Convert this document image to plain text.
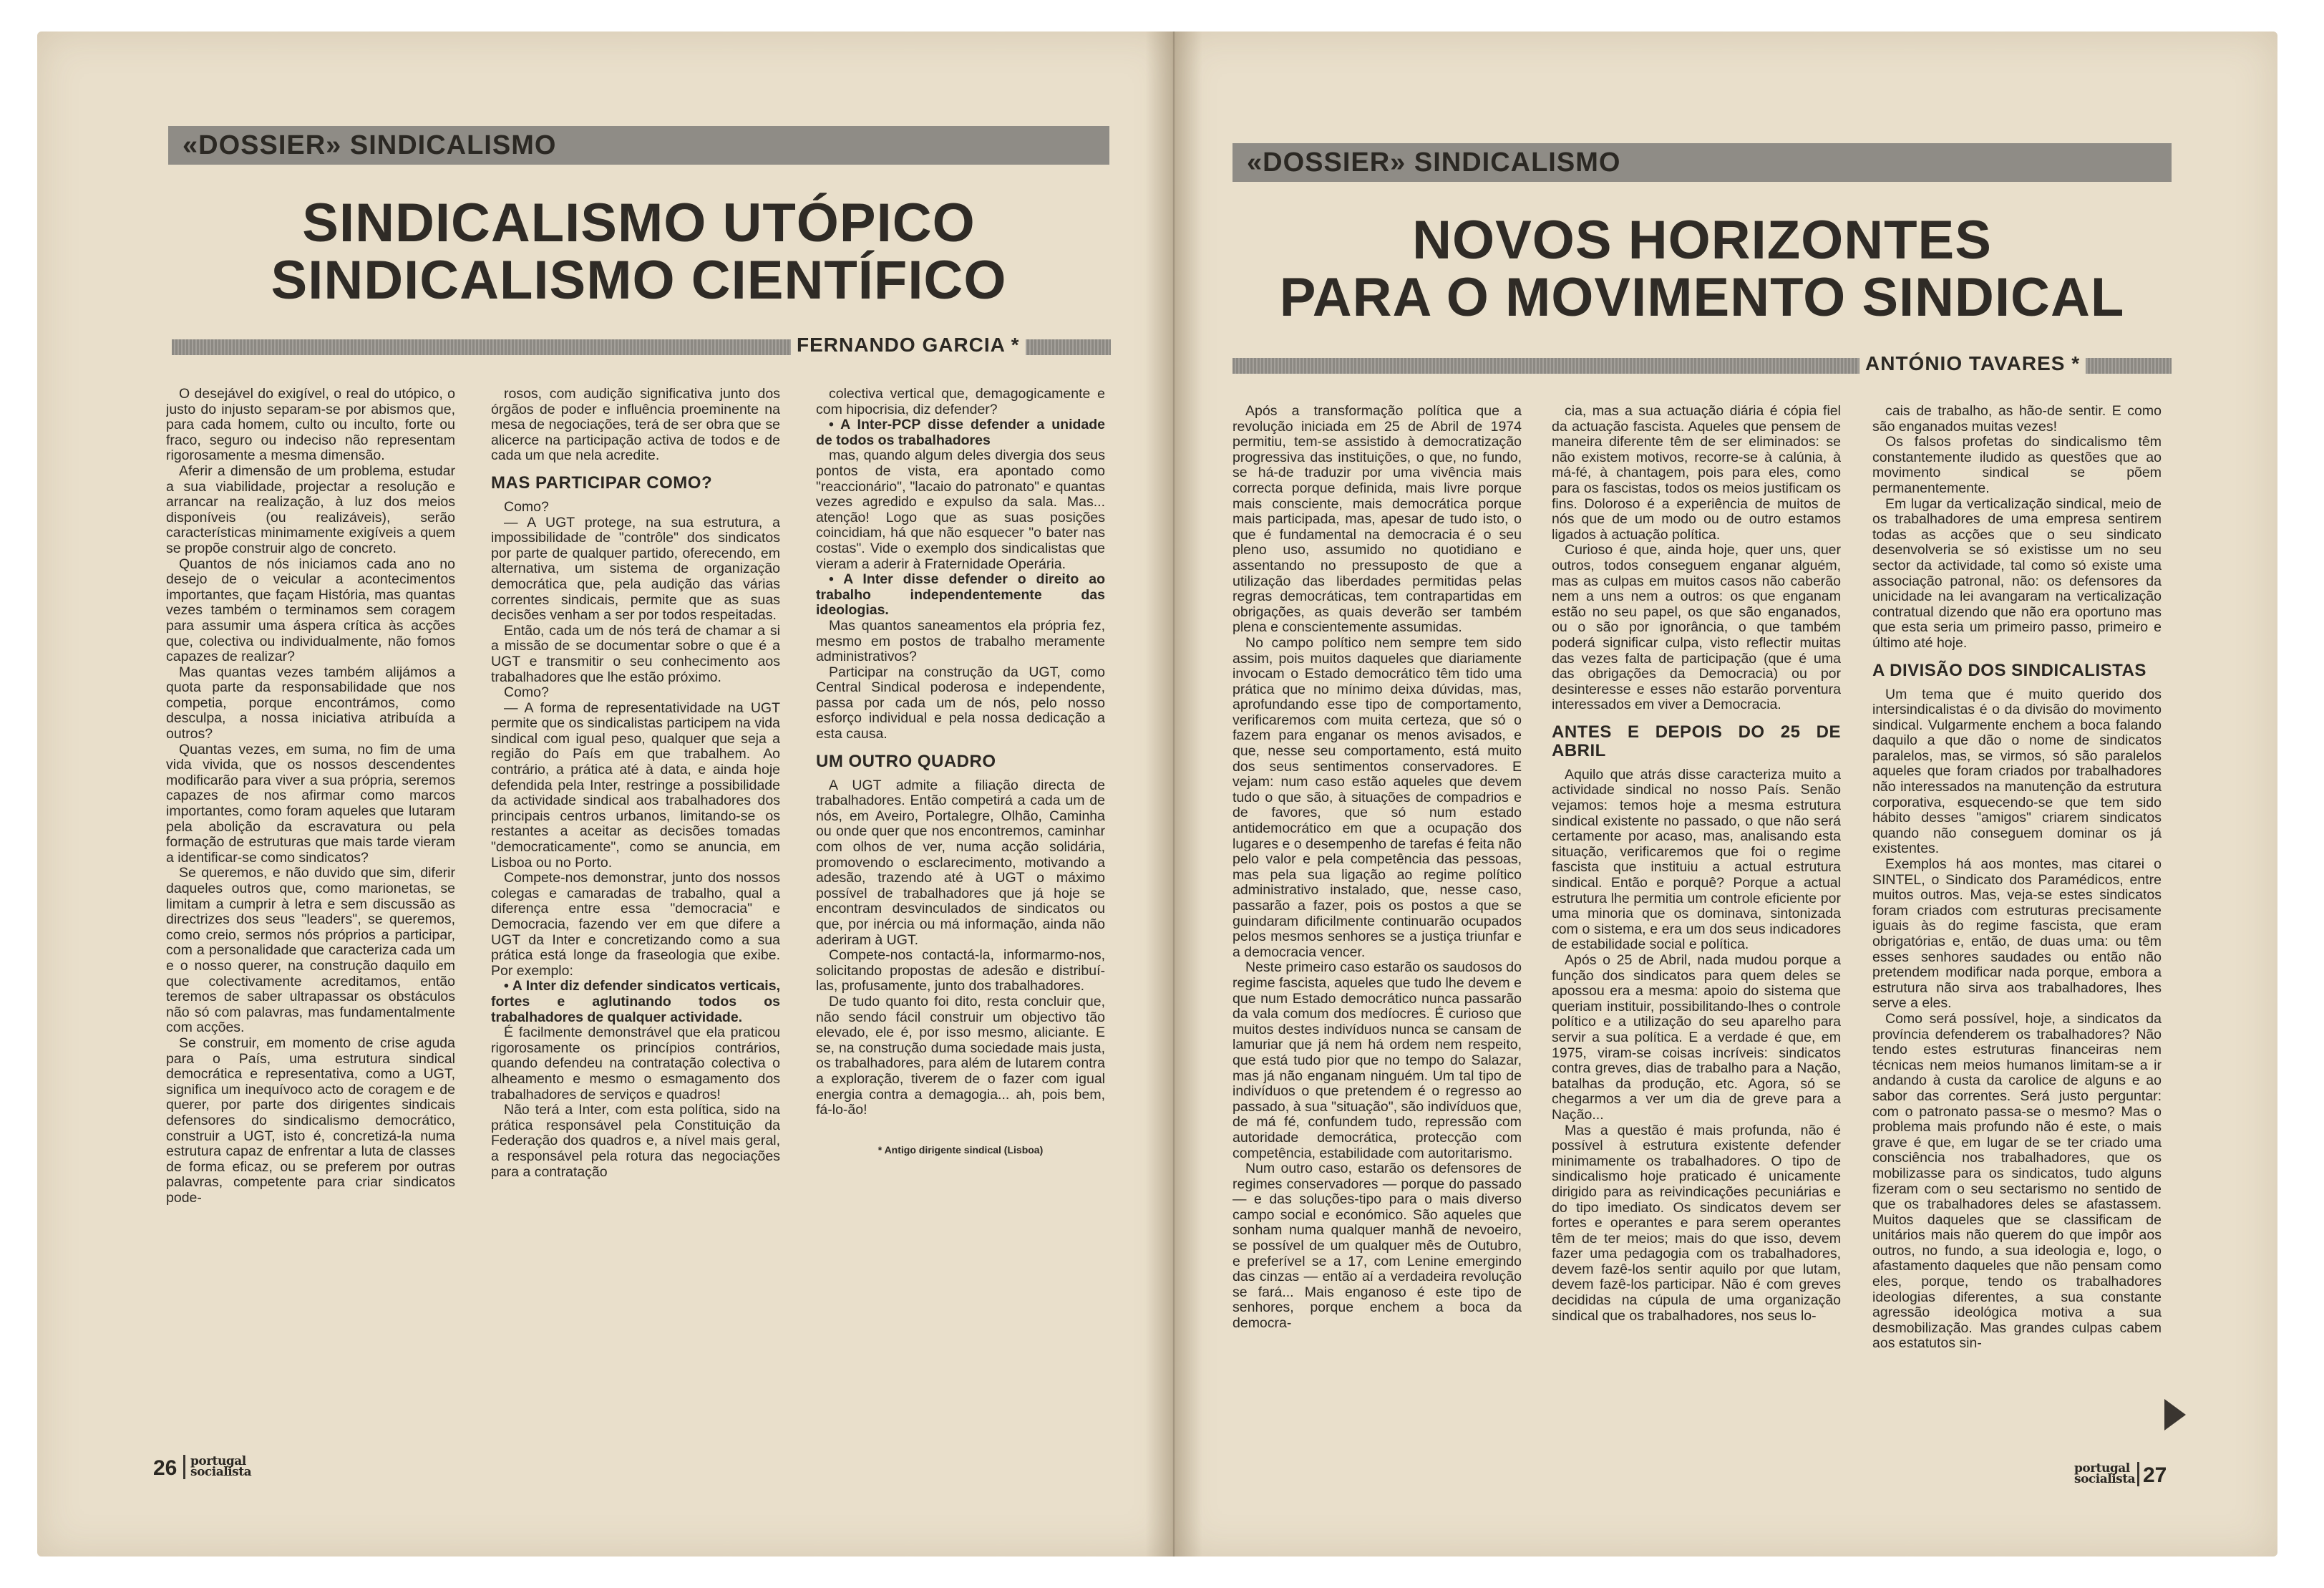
«DOSSIER» SINDICALISMO
SINDICALISMO UTÓPICO
SINDICALISMO CIENTÍFICO
FERNANDO GARCIA *

O desejável do exigível, o real do utópico, o justo do injusto separam-se por abismos que, para cada homem, culto ou inculto, forte ou fraco, seguro ou indeciso não representam rigorosamente a mesma dimensão.

Aferir a dimensão de um problema, estudar a sua viabilidade, projectar a resolução e arrancar na realização, à luz dos meios disponíveis (ou realizáveis), serão características minimamente exigíveis a quem se propõe construir algo de concreto.

Quantos de nós iniciamos cada ano no desejo de o veicular a acontecimentos importantes, que façam História, mas quantas vezes também o terminamos sem coragem para assumir uma áspera crítica às acções que, colectiva ou individualmente, não fomos capazes de realizar?

Mas quantas vezes também alijámos a quota parte da responsabilidade que nos competia, porque encontrámos, como desculpa, a nossa iniciativa atribuída a outros?

Quantas vezes, em suma, no fim de uma vida vivida, que os nossos descendentes modificarão para viver a sua própria, seremos capazes de nos afirmar como marcos importantes, como foram aqueles que lutaram pela abolição da escravatura ou pela formação de estruturas que mais tarde vieram a identificar-se como sindicatos?

Se queremos, e não duvido que sim, diferir daqueles outros que, como marionetas, se limitam a cumprir à letra e sem discussão as directrizes dos seus "leaders", se queremos, como creio, sermos nós próprios a participar, com a personalidade que caracteriza cada um e o nosso querer, na construção daquilo em que colectivamente acreditamos, então teremos de saber ultrapassar os obstáculos não só com palavras, mas fundamentalmente com acções.

Se construir, em momento de crise aguda para o País, uma estrutura sindical democrática e representativa, como a UGT, significa um inequívoco acto de coragem e de querer, por parte dos dirigentes sindicais defensores do sindicalismo democrático, construir a UGT, isto é, concretizá-la numa estrutura capaz de enfrentar a luta de classes de forma eficaz, ou se preferem por outras palavras, competente para criar sindicatos pode-

rosos, com audição significativa junto dos órgãos de poder e influência proeminente na mesa de negociações, terá de ser obra que se alicerce na participação activa de todos e de cada um que nela acredite.

MAS PARTICIPAR COMO?

Como?

— A UGT protege, na sua estrutura, a impossibilidade de "contrôle" dos sindicatos por parte de qualquer partido, oferecendo, em alternativa, um sistema de organização democrática que, pela audição das várias correntes sindicais, permite que as suas decisões venham a ser por todos respeitadas.

Então, cada um de nós terá de chamar a si a missão de se documentar sobre o que é a UGT e transmitir o seu conhecimento aos trabalhadores que lhe estão próximo.

Como?

— A forma de representatividade na UGT permite que os sindicalistas participem na vida sindical com igual peso, qualquer que seja a região do País em que trabalhem. Ao contrário, a prática até à data, e ainda hoje defendida pela Inter, restringe a possibilidade da actividade sindical aos trabalhadores dos principais centros urbanos, limitando-se os restantes a aceitar as decisões tomadas "democraticamente", como se anuncia, em Lisboa ou no Porto.

Compete-nos demonstrar, junto dos nossos colegas e camaradas de trabalho, qual a diferença entre essa "democracia" e Democracia, fazendo ver em que difere a UGT da Inter e concretizando como a sua prática está longe da fraseologia que exibe. Por exemplo:

• A Inter diz defender sindicatos verticais, fortes e aglutinando todos os trabalhadores de qualquer actividade.

É facilmente demonstrável que ela praticou rigorosamente os princípios contrários, quando defendeu na contratação colectiva o alheamento e mesmo o esmagamento dos trabalhadores de serviços e quadros!

Não terá a Inter, com esta política, sido na prática responsável pela Constituição da Federação dos quadros e, a nível mais geral, a responsável pela rotura das negociações para a contratação

colectiva vertical que, demagogicamente e com hipocrisia, diz defender?

• A Inter-PCP disse defender a unidade de todos os trabalhadores

mas, quando algum deles divergia dos seus pontos de vista, era apontado como "reaccionário", "lacaio do patronato" e quantas vezes agredido e expulso da sala. Mas... atenção! Logo que as suas posições coincidiam, há que não esquecer "o bater nas costas". Vide o exemplo dos sindicalistas que vieram a aderir à Fraternidade Operária.

• A Inter disse defender o direito ao trabalho independentemente das ideologias.

Mas quantos saneamentos ela própria fez, mesmo em postos de trabalho meramente administrativos?

Participar na construção da UGT, como Central Sindical poderosa e independente, passa por cada um de nós, pelo nosso esforço individual e pela nossa dedicação a esta causa.

UM OUTRO QUADRO

A UGT admite a filiação directa de trabalhadores. Então competirá a cada um de nós, em Aveiro, Portalegre, Olhão, Caminha ou onde quer que nos encontremos, caminhar com olhos de ver, numa acção solidária, promovendo o esclarecimento, motivando a adesão, trazendo até à UGT o máximo possível de trabalhadores que já hoje se encontram desvinculados de sindicatos ou que, por inércia ou má informação, ainda não aderiram à UGT.

Compete-nos contactá-la, informarmo-nos, solicitando propostas de adesão e distribuí-las, profusamente, junto dos trabalhadores.

De tudo quanto foi dito, resta concluir que, não sendo fácil construir um objectivo tão elevado, ele é, por isso mesmo, aliciante. E se, na construção duma sociedade mais justa, os trabalhadores, para além de lutarem contra a exploração, tiverem de o fazer com igual energia contra a demagogia... ah, pois bem, fá-lo-ão!

* Antigo dirigente sindical (Lisboa)

26 portugal
socialista
«DOSSIER» SINDICALISMO
NOVOS HORIZONTES
PARA O MOVIMENTO SINDICAL
ANTÓNIO TAVARES *

Após a transformação política que a revolução iniciada em 25 de Abril de 1974 permitiu, tem-se assistido à democratização progressiva das instituições, o que, no fundo, se há-de traduzir por uma vivência mais correcta porque definida, mais livre porque mais consciente, mais democrática porque mais participada, mas, apesar de tudo isto, o que é fundamental na democracia é o seu pleno uso, assumido no quotidiano e assentando no pressuposto de que a utilização das liberdades permitidas pelas regras democráticas, tem contrapartidas em obrigações, as quais deverão ser também plena e conscientemente assumidas.

No campo político nem sempre tem sido assim, pois muitos daqueles que diariamente invocam o Estado democrático têm tido uma prática que no mínimo deixa dúvidas, mas, aprofundando esse tipo de comportamento, verificaremos com muita certeza, que só o fazem para enganar os menos avisados, e que, nesse seu comportamento, está muito dos seus sentimentos conservadores. E vejam: num caso estão aqueles que devem tudo o que são, à situações de compadrios e de favores, que só num estado antidemocrático em que a ocupação dos lugares e o desempenho de tarefas é feita não pelo valor e pela competência das pessoas, mas pela sua ligação ao regime político administrativo instalado, que, nesse caso, passarão a fazer, pois os postos a que se guindaram dificilmente continuarão ocupados pelos mesmos senhores se a justiça triunfar e a democracia vencer.

Neste primeiro caso estarão os saudosos do regime fascista, aqueles que tudo lhe devem e que num Estado democrático nunca passarão da vala comum dos medíocres. É curioso que muitos destes indivíduos nunca se cansam de lamuriar que já nem há ordem nem respeito, que está tudo pior que no tempo do Salazar, mas já não enganam ninguém. Um tal tipo de indivíduos o que pretendem é o regresso ao passado, à sua "situação", são indivíduos que, de má fé, confundem tudo, repressão com autoridade democrática, protecção com competência, estabilidade com autoritarismo.

Num outro caso, estarão os defensores de regimes conservadores — porque do passado — e das soluções-tipo para o mais diverso campo social e económico. São aqueles que sonham numa qualquer manhã de nevoeiro, se possível de um qualquer mês de Outubro, e preferível se a 17, com Lenine emergindo das cinzas — então aí a verdadeira revolução se fará... Mais enganoso é este tipo de senhores, porque enchem a boca da democra-

cia, mas a sua actuação diária é cópia fiel da actuação fascista. Aqueles que pensem de maneira diferente têm de ser eliminados: se não existem motivos, recorre-se à calúnia, à má-fé, à chantagem, pois para eles, como para os fascistas, todos os meios justificam os fins. Doloroso é a experiência de muitos de nós que de um modo ou de outro estamos ligados à actuação política.

Curioso é que, ainda hoje, quer uns, quer outros, todos conseguem enganar alguém, mas as culpas em muitos casos não caberão nem a uns nem a outros: os que enganam estão no seu papel, os que são enganados, ou o são por ignorância, o que também poderá significar culpa, visto reflectir muitas das vezes falta de participação (que é uma das obrigações da Democracia) ou por desinteresse e esses não estarão porventura interessados em viver a Democracia.

ANTES E DEPOIS DO 25 DE ABRIL

Aquilo que atrás disse caracteriza muito a actividade sindical no nosso País. Senão vejamos: temos hoje a mesma estrutura sindical existente no passado, o que não será certamente por acaso, mas, analisando esta situação, verificaremos que foi o regime fascista que instituiu a actual estrutura sindical. Então e porquê? Porque a actual estrutura lhe permitia um controle eficiente por uma minoria que os dominava, sintonizada com o sistema, e era um dos seus indicadores de estabilidade social e política.

Após o 25 de Abril, nada mudou porque a função dos sindicatos para quem deles se apossou era a mesma: apoio do sistema que queriam instituir, possibilitando-lhes o controle político e a utilização do seu aparelho para servir a sua política. E a verdade é que, em 1975, viram-se coisas incríveis: sindicatos contra greves, dias de trabalho para a Nação, batalhas da produção, etc. Agora, só se chegarmos a ver um dia de greve para a Nação...

Mas a questão é mais profunda, não é possível à estrutura existente defender minimamente os trabalhadores. O tipo de sindicalismo hoje praticado é unicamente dirigido para as reivindicações pecuniárias e do tipo imediato. Os sindicatos devem ser fortes e operantes e para serem operantes têm de ter meios; mais do que isso, devem fazer uma pedagogia com os trabalhadores, devem fazê-los sentir aquilo por que lutam, devem fazê-los participar. Não é com greves decididas na cúpula de uma organização sindical que os trabalhadores, nos seus lo-

cais de trabalho, as hão-de sentir. E como são enganados muitas vezes!

Os falsos profetas do sindicalismo têm constantemente iludido as questões que ao movimento sindical se põem permanentemente.

Em lugar da verticalização sindical, meio de os trabalhadores de uma empresa sentirem todas as acções que o seu sindicato desenvolveria se só existisse um no seu sector da actividade, tal como só existe uma associação patronal, não: os defensores da unicidade na lei avangaram na verticalização contratual dizendo que não era oportuno mas que esta seria um primeiro passo, primeiro e último até hoje.

A DIVISÃO DOS SINDICALISTAS

Um tema que é muito querido dos intersindicalistas é o da divisão do movimento sindical. Vulgarmente enchem a boca falando daquilo a que dão o nome de sindicatos paralelos, mas, se virmos, só são paralelos aqueles que foram criados por trabalhadores não interessados na manutenção da estrutura corporativa, esquecendo-se que tem sido hábito desses "amigos" criarem sindicatos quando não conseguem dominar os já existentes.

Exemplos há aos montes, mas citarei o SINTEL, o Sindicato dos Paramédicos, entre muitos outros. Mas, veja-se estes sindicatos foram criados com estruturas precisamente iguais às do regime fascista, que eram obrigatórias e, então, de duas uma: ou têm esses senhores saudades ou então não pretendem modificar nada porque, embora a estrutura não sirva aos trabalhadores, lhes serve a eles.

Como será possível, hoje, a sindicatos da província defenderem os trabalhadores? Não tendo estes estruturas financeiras nem técnicas nem meios humanos limitam-se a ir andando à custa da carolice de alguns e ao sabor das correntes. Será justo perguntar: com o patronato passa-se o mesmo? Mas o problema mais profundo não é este, o mais grave é que, em lugar de se ter criado uma consciência nos trabalhadores, que os mobilizasse para os sindicatos, tudo alguns fizeram com o seu sectarismo no sentido de que os trabalhadores deles se afastassem. Muitos daqueles que se classificam de unitários mais não querem do que impôr aos outros, no fundo, a sua ideologia e, logo, o afastamento daqueles que não pensam como eles, porque, tendo os trabalhadores ideologias diferentes, a sua constante agressão ideológica motiva a sua desmobilização. Mas grandes culpas cabem aos estatutos sin-

portugal
socialista 27
